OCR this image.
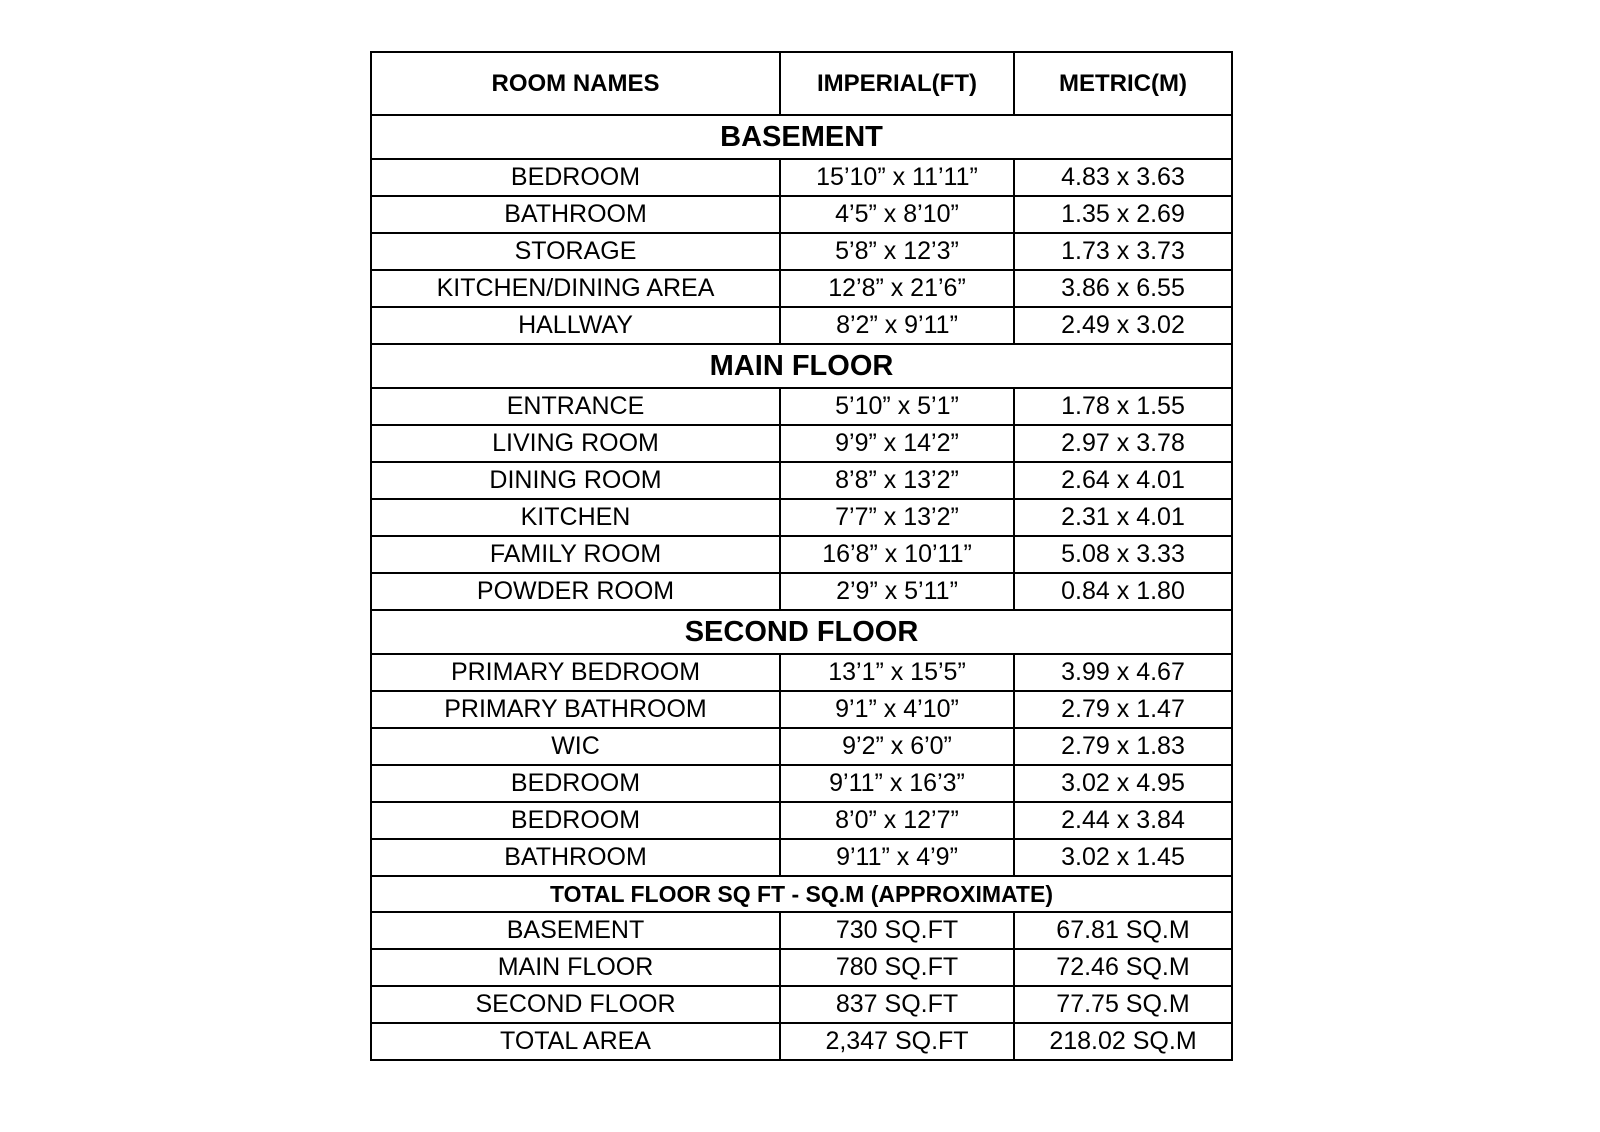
ROOM NAMES	IMPERIAL(FT)	METRIC(M)
BASEMENT		
BEDROOM	15’10” x 11’11”	4.83 x 3.63
BATHROOM	4’5” x 8’10”	1.35 x 2.69
STORAGE	5’8” x 12’3”	1.73 x 3.73
KITCHEN/DINING AREA	12’8” x 21’6”	3.86 x 6.55
HALLWAY	8’2” x 9’11”	2.49 x 3.02
MAIN FLOOR		
ENTRANCE	5’10” x 5’1”	1.78 x 1.55
LIVING ROOM	9’9” x 14’2”	2.97 x 3.78
DINING ROOM	8’8” x 13’2”	2.64 x 4.01
KITCHEN	7’7” x 13’2”	2.31 x 4.01
FAMILY ROOM	16’8” x 10’11”	5.08 x 3.33
POWDER ROOM	2’9” x 5’11”	0.84 x 1.80
SECOND FLOOR		
PRIMARY BEDROOM	13’1” x 15’5”	3.99 x 4.67
PRIMARY BATHROOM	9’1” x 4’10”	2.79 x 1.47
WIC	9’2” x 6’0”	2.79 x 1.83
BEDROOM	9’11” x 16’3”	3.02 x 4.95
BEDROOM	8’0” x 12’7”	2.44 x 3.84
BATHROOM	9’11” x 4’9”	3.02 x 1.45
TOTAL FLOOR SQ FT - SQ.M (APPROXIMATE)		
BASEMENT	730 SQ.FT	67.81 SQ.M
MAIN FLOOR	780 SQ.FT	72.46 SQ.M
SECOND FLOOR	837 SQ.FT	77.75 SQ.M
TOTAL AREA	2,347 SQ.FT	218.02 SQ.M
